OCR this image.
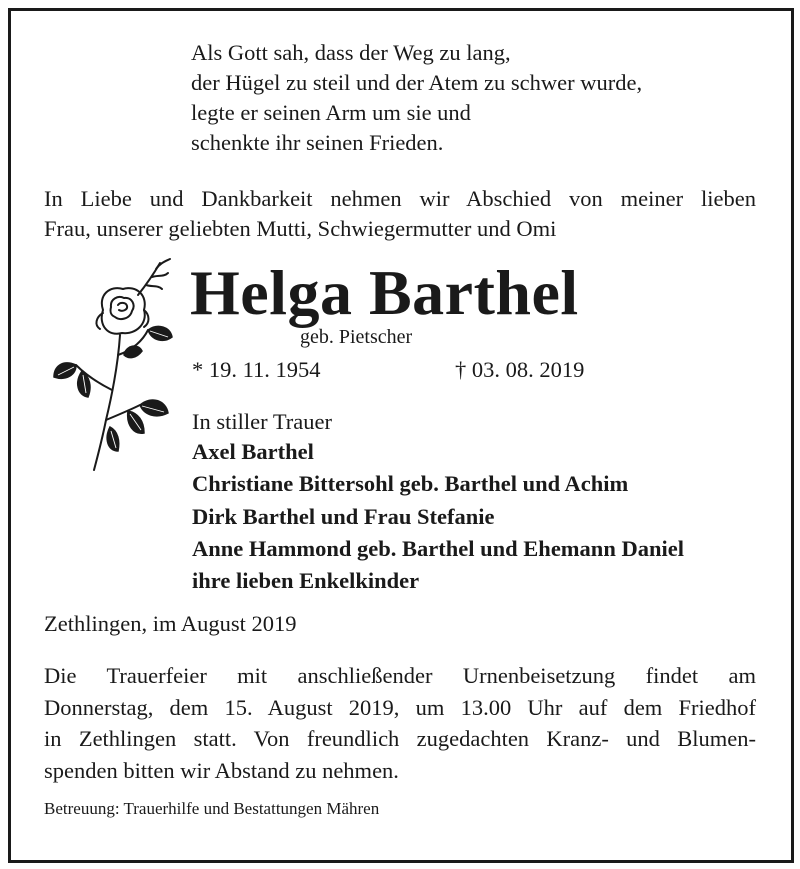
Als Gott sah, dass der Weg zu lang,
der Hügel zu steil und der Atem zu schwer wurde,
legte er seinen Arm um sie und
schenkte ihr seinen Frieden.
In Liebe und Dankbarkeit nehmen wir Abschied von meiner lieben
Frau, unserer geliebten Mutti, Schwiegermutter und Omi
Helga Barthel
geb. Pietscher
* 19. 11. 1954	† 03. 08. 2019
In stiller Trauer
Axel Barthel
Christiane Bittersohl geb. Barthel und Achim
Dirk Barthel und Frau Stefanie
Anne Hammond geb. Barthel und Ehemann Daniel
ihre lieben Enkelkinder
Zethlingen, im August 2019
Die Trauerfeier mit anschließender Urnenbeisetzung findet am
Donnerstag, dem 15. August 2019, um 13.00 Uhr auf dem Friedhof
in Zethlingen statt. Von freundlich zugedachten Kranz- und Blumen-
spenden bitten wir Abstand zu nehmen.
Betreuung: Trauerhilfe und Bestattungen Mähren
